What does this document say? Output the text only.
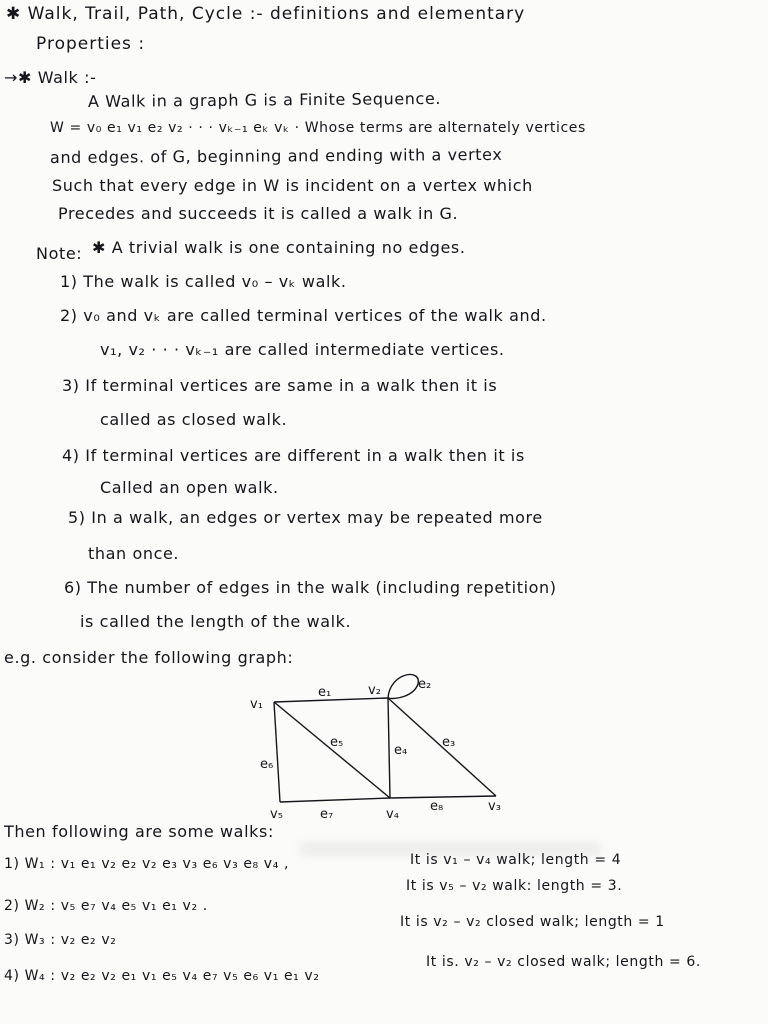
✱ Walk, Trail, Path, Cycle :- definitions and elementary
Properties :
→✱ Walk :-
A Walk in a graph G is a Finite Sequence.
W = v₀ e₁ v₁ e₂ v₂ · · · vₖ₋₁ eₖ vₖ · Whose terms are alternately vertices
and edges. of G, beginning and ending with a vertex
Such that every edge in W is incident on a vertex which
Precedes and succeeds it is called a walk in G.
Note: ✱ A trivial walk is one containing no edges.
1) The walk is called v₀ – vₖ walk.
2) v₀ and vₖ are called terminal vertices of the walk and.
v₁, v₂ · · · vₖ₋₁ are called intermediate vertices.
3) If terminal vertices are same in a walk then it is
called as closed walk.
4) If terminal vertices are different in a walk then it is
Called an open walk.
5) In a walk, an edges or vertex may be repeated more
than once.
6) The number of edges in the walk (including repetition)
is called the length of the walk.
e.g. consider the following graph:
v₁
v₂
v₃
v₄
v₅
e₁
e₂
e₃
e₄
e₅
e₆
e₇
e₈
Then following are some walks:
1) W₁ : v₁ e₁ v₂ e₂ v₂ e₃ v₃ e₆ v₃ e₈ v₄ ,	It is v₁ – v₄ walk; length = 4
It is v₅ – v₂ walk: length = 3.
2) W₂ : v₅ e₇ v₄ e₅ v₁ e₁ v₂ .
3) W₃ : v₂ e₂ v₂
It is v₂ – v₂ closed walk; length = 1
4) W₄ : v₂ e₂ v₂ e₁ v₁ e₅ v₄ e₇ v₅ e₆ v₁ e₁ v₂
It is. v₂ – v₂ closed walk; length = 6.
